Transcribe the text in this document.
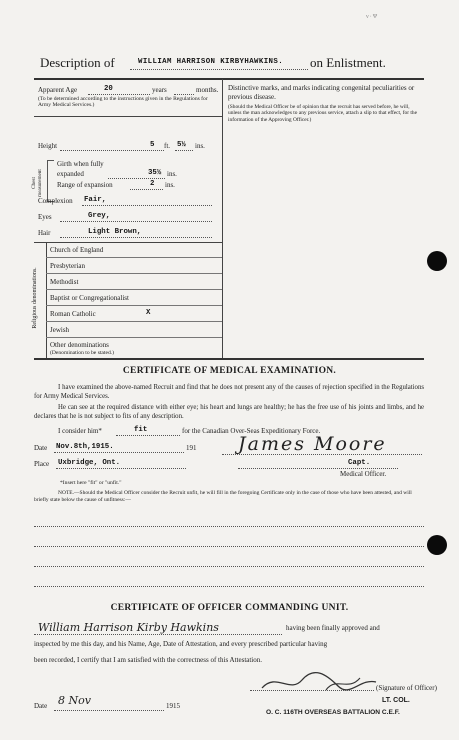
ν·Ψ
Description of	WILLIAM HARRISON KIRBYHAWKINS. on Enlistment.
Apparent Age	20	years	months.
(To be determined according to the instructions given in the Regulations for Army Medical Services.)
Height	5 ft. 5½ ins.
Chest measurement
Girth when fully expanded	35½ ins.
Range of expansion	2 ins.
Complexion Fair,
Eyes	Grey,
Hair	Light Brown,
Religious denominations.
Church of England
Presbyterian
Methodist
Baptist or Congregationalist
Roman Catholic	X
Jewish
Other denominations
(Denomination to be stated.)
Distinctive marks, and marks indicating congenital peculiarities or previous disease.
(Should the Medical Officer be of opinion that the recruit has served before, he will, unless the man acknowledges to any previous service, attach a slip to that effect, for the information of the Approving Officer.)
CERTIFICATE OF MEDICAL EXAMINATION.
I have examined the above-named Recruit and find that he does not present any of the causes of rejection specified in the Regulations for Army Medical Services.
He can see at the required distance with either eye; his heart and lungs are healthy; he has the free use of his joints and limbs, and he declares that he is not subject to fits of any description.
I consider him*	fit	for the Canadian Over-Seas Expeditionary Force.
Date Nov.8th,1915.	191 James Moore
Place Uxbridge, Ont.	Capt.
Medical Officer.
*Insert here "fit" or "unfit."
NOTE.—Should the Medical Officer consider the Recruit unfit, he will fill in the foregoing Certificate only in the case of those who have been attested, and will briefly state below the cause of unfitness:—
CERTIFICATE OF OFFICER COMMANDING UNIT.
William Harrison Kirby Hawkins	having been finally approved and
inspected by me this day, and his Name, Age, Date of Attestation, and every prescribed particular having
been recorded, I certify that I am satisfied with the correctness of this Attestation.
(Signature of Officer)
LT. COL.
O. C. 116TH OVERSEAS BATTALION C.E.F.
Date 8 Nov	1915
